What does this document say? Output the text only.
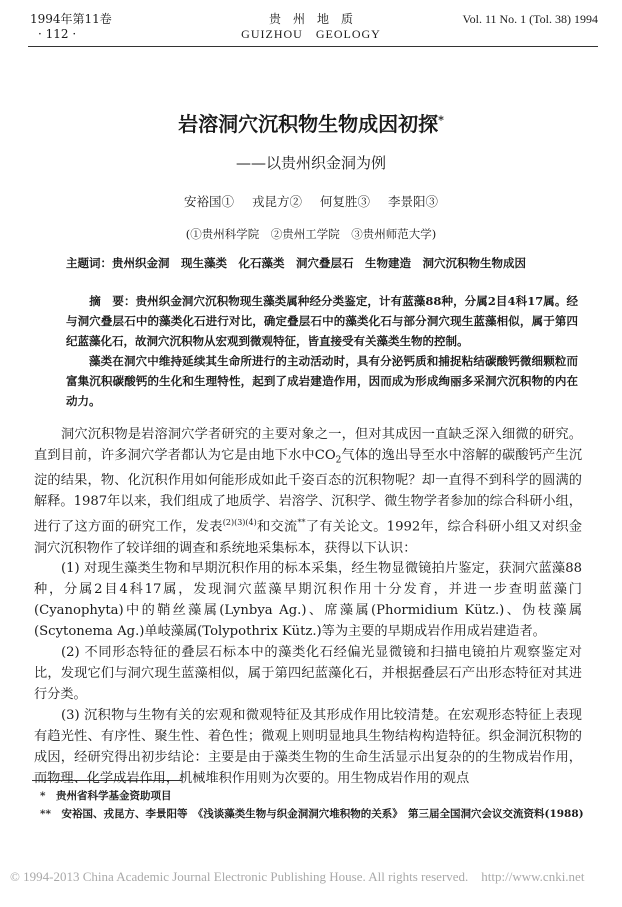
1994年第11卷
· 112 ·
贵　州　地　质
GUIZHOU　GEOLOGY
Vol. 11 No. 1 (Tol. 38) 1994
岩溶洞穴沉积物生物成因初探*
——以贵州织金洞为例
安裕国① 戎昆方② 何复胜③ 李景阳③
(①贵州科学院　②贵州工学院　③贵州师范大学)
主题词：贵州织金洞　现生藻类　化石藻类　洞穴叠层石　生物建造　洞穴沉积物生物成因

　　摘　要：贵州织金洞穴沉积物现生藻类属种经分类鉴定，计有蓝藻88种，分属2目4科17属。经与洞穴叠层石中的藻类化石进行对比，确定叠层石中的藻类化石与部分洞穴现生蓝藻相似，属于第四纪蓝藻化石，故洞穴沉积物从宏观到微观特征，皆直接受有关藻类生物的控制。

藻类在洞穴中维持延续其生命所进行的主动活动时，具有分泌钙质和捕捉粘结碳酸钙微细颗粒而富集沉积碳酸钙的生化和生理特性，起到了成岩建造作用，因而成为形成绚丽多采洞穴沉积物的内在动力。

洞穴沉积物是岩溶洞穴学者研究的主要对象之一，但对其成因一直缺乏深入细微的研究。直到目前，许多洞穴学者都认为它是由地下水中$CO_2$气体的逸出导至水中溶解的碳酸钙产生沉淀的结果，物、化沉积作用如何能形成如此千姿百态的沉积物呢？却一直得不到科学的圆满的解释。1987年以来，我们组成了地质学、岩溶学、沉积学、微生物学者参加的综合科研小组，进行了这方面的研究工作，发表$^{(2)(3)(4)}$和交流**了有关论文。1992年，综合科研小组又对织金洞穴沉积物作了较详细的调查和系统地采集标本，获得以下认识：

(1) 对现生藻类生物和早期沉积作用的标本采集，经生物显微镜拍片鉴定，获洞穴蓝藻88种，分属2目4科17属，发现洞穴蓝藻早期沉积作用十分发育，并进一步查明蓝藻门(Cyanophyta)中的鞘丝藻属(Lynbya Ag.)、席藻属(Phormidium Kütz.)、伪枝藻属(Scytonema Ag.)单岐藻属(Tolypothrix Kütz.)等为主要的早期成岩作用成岩建造者。

(2) 不同形态特征的叠层石标本中的藻类化石经偏光显微镜和扫描电镜拍片观察鉴定对比，发现它们与洞穴现生蓝藻相似，属于第四纪蓝藻化石，并根据叠层石产出形态特征对其进行分类。

(3) 沉积物与生物有关的宏观和微观特征及其形成作用比较清楚。在宏观形态特征上表现有趋光性、有序性、聚生性、着色性；微观上则明显地具生物结构构造特征。织金洞沉积物的成因，经研究得出初步结论：主要是由于藻类生物的生命生活显示出复杂的的生物成岩作用，而物理、化学成岩作用，机械堆积作用则为次要的。用生物成岩作用的观点

*　 贵州省科学基金资助项目
**　 安裕国、戎昆方、李景阳等　《浅谈藻类生物与织金洞洞穴堆积物的关系》　第三届全国洞穴会议交流资料(1988)
© 1994-2013 China Academic Journal Electronic Publishing House. All rights reserved.　http://www.cnki.net
